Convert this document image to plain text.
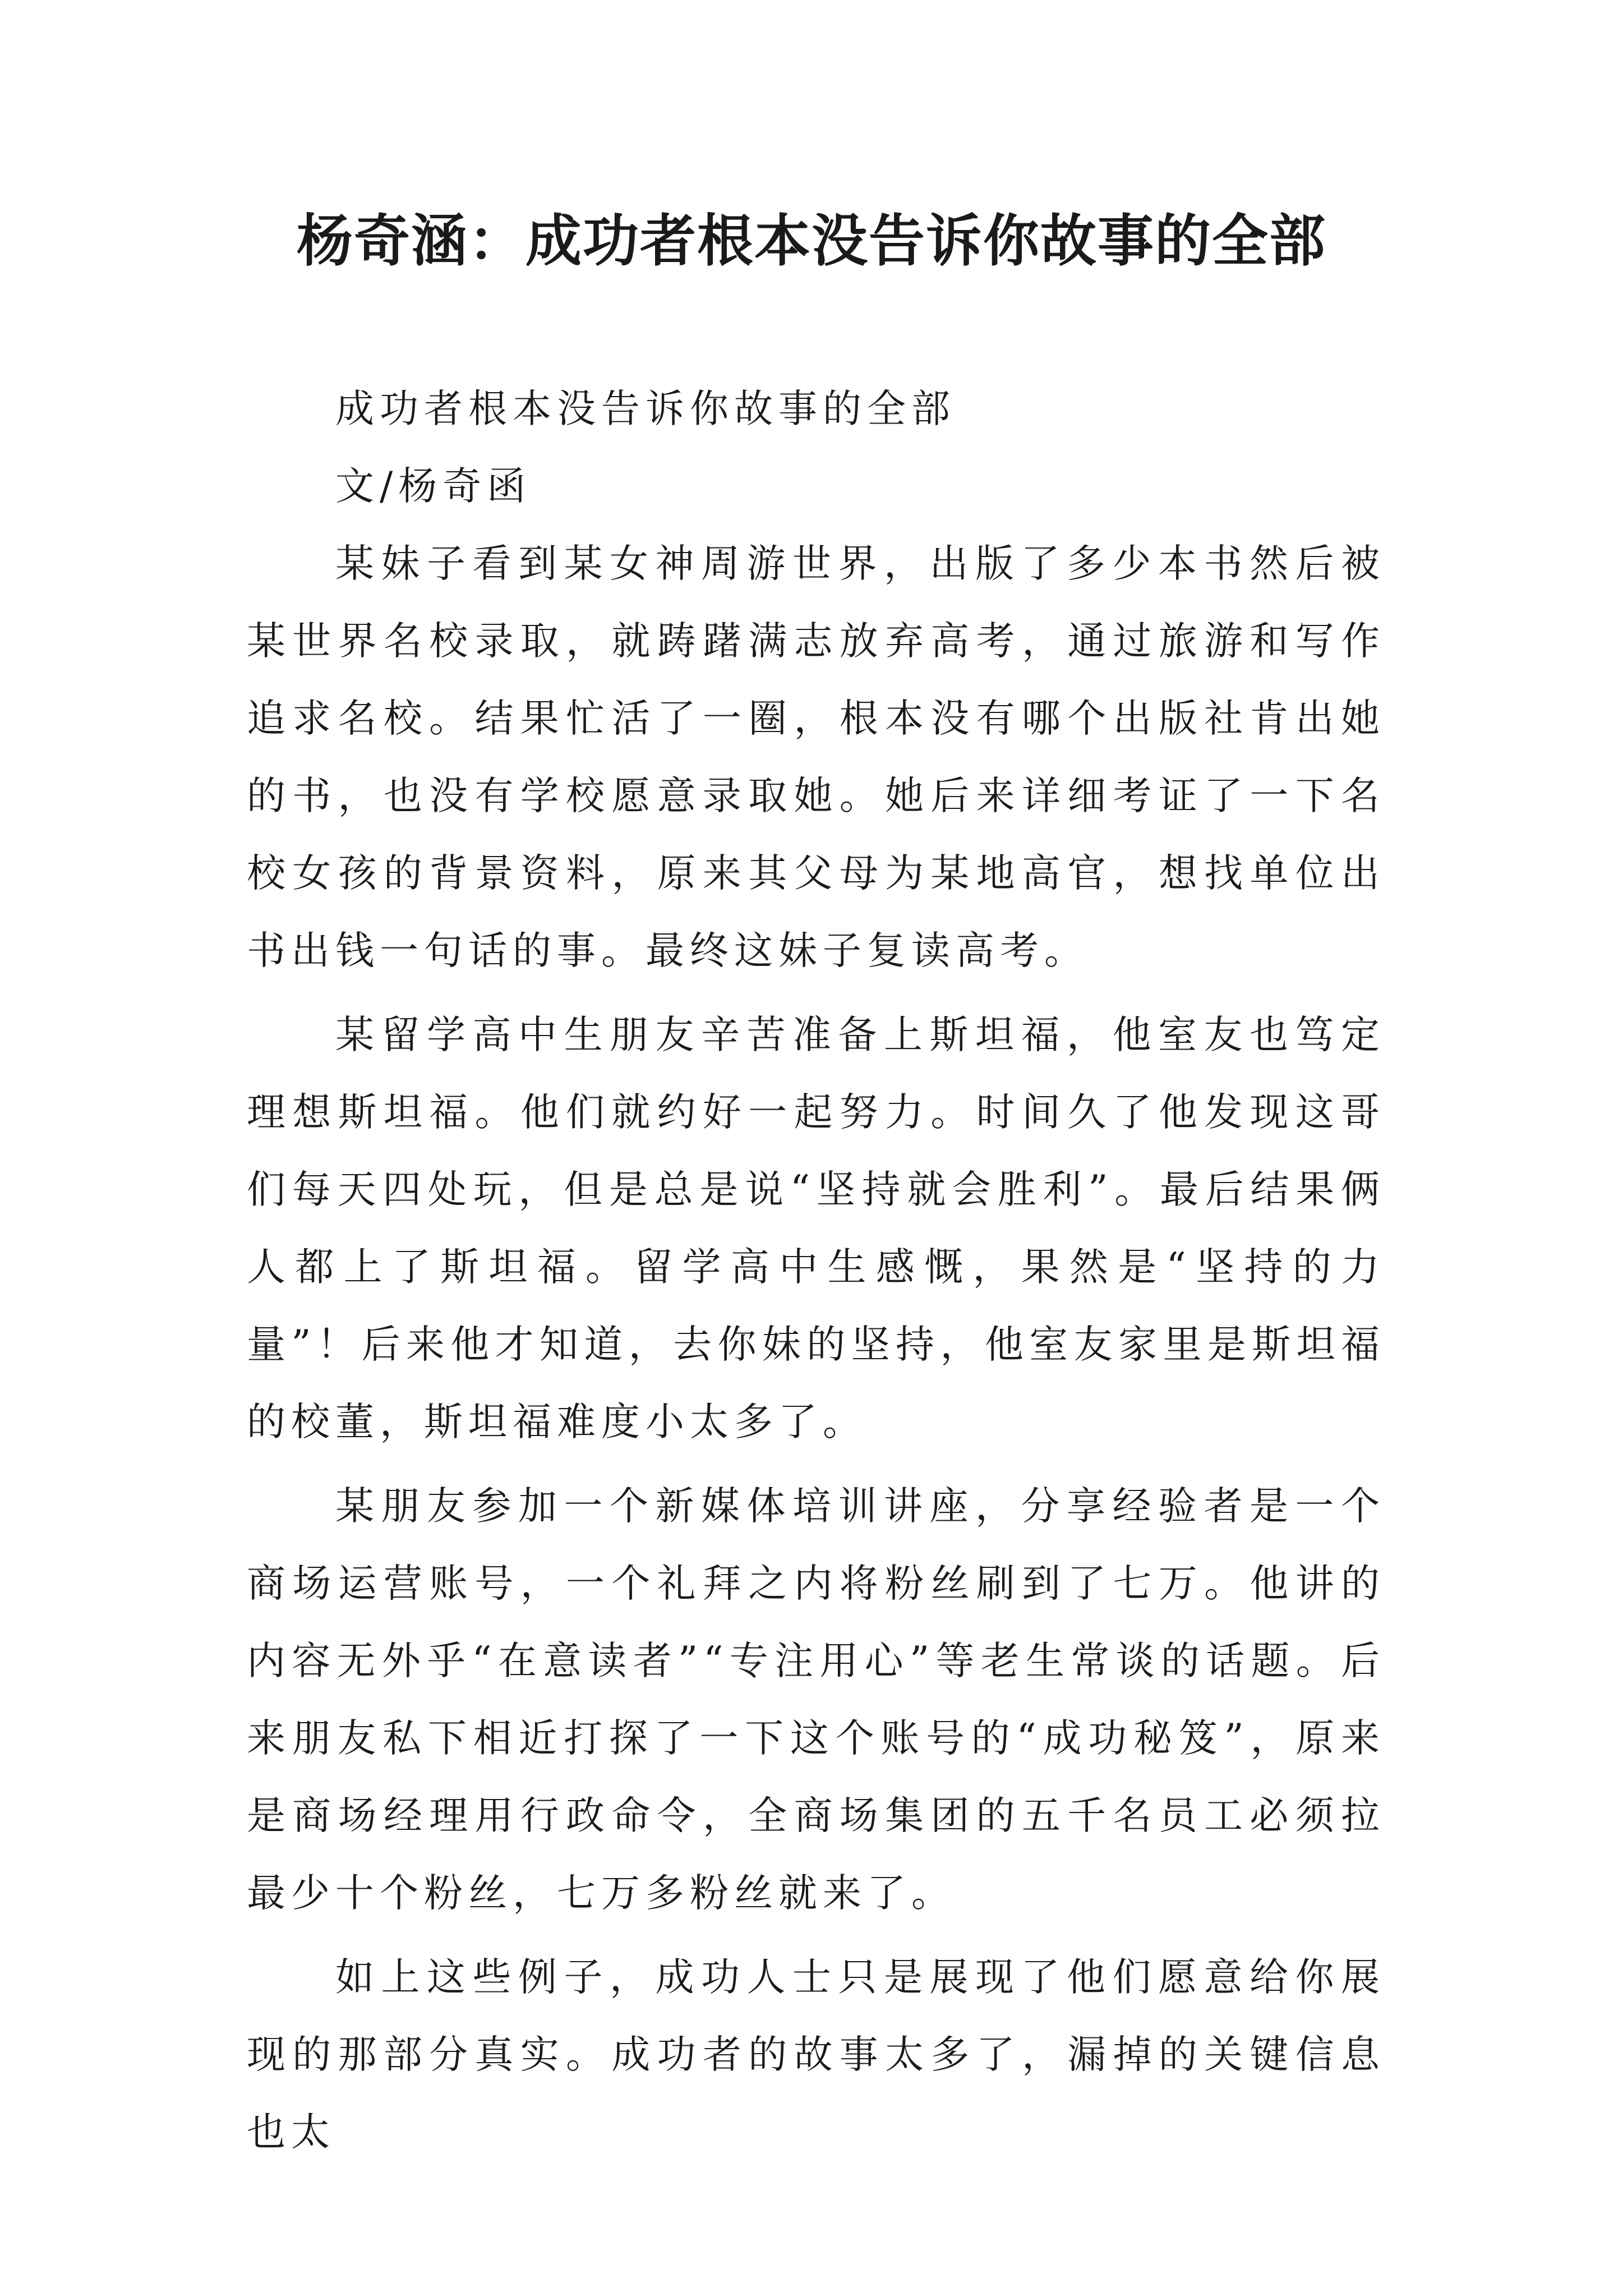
杨奇涵：成功者根本没告诉你故事的全部

成功者根本没告诉你故事的全部

文/杨奇函

某妹子看到某女神周游世界，出版了多少本书然后被某世界名校录取，就踌躇满志放弃高考，通过旅游和写作追求名校。结果忙活了一圈，根本没有哪个出版社肯出她的书，也没有学校愿意录取她。她后来详细考证了一下名校女孩的背景资料，原来其父母为某地高官，想找单位出书出钱一句话的事。最终这妹子复读高考。

某留学高中生朋友辛苦准备上斯坦福，他室友也笃定理想斯坦福。他们就约好一起努力。时间久了他发现这哥们每天四处玩，但是总是说“坚持就会胜利”。最后结果俩人都上了斯坦福。留学高中生感慨，果然是“坚持的力量”！后来他才知道，去你妹的坚持，他室友家里是斯坦福的校董，斯坦福难度小太多了。

某朋友参加一个新媒体培训讲座，分享经验者是一个商场运营账号，一个礼拜之内将粉丝刷到了七万。他讲的内容无外乎“在意读者”“专注用心”等老生常谈的话题。后来朋友私下相近打探了一下这个账号的“成功秘笈”，原来是商场经理用行政命令，全商场集团的五千名员工必须拉最少十个粉丝，七万多粉丝就来了。

如上这些例子，成功人士只是展现了他们愿意给你展现的那部分真实。成功者的故事太多了，漏掉的关键信息也太
